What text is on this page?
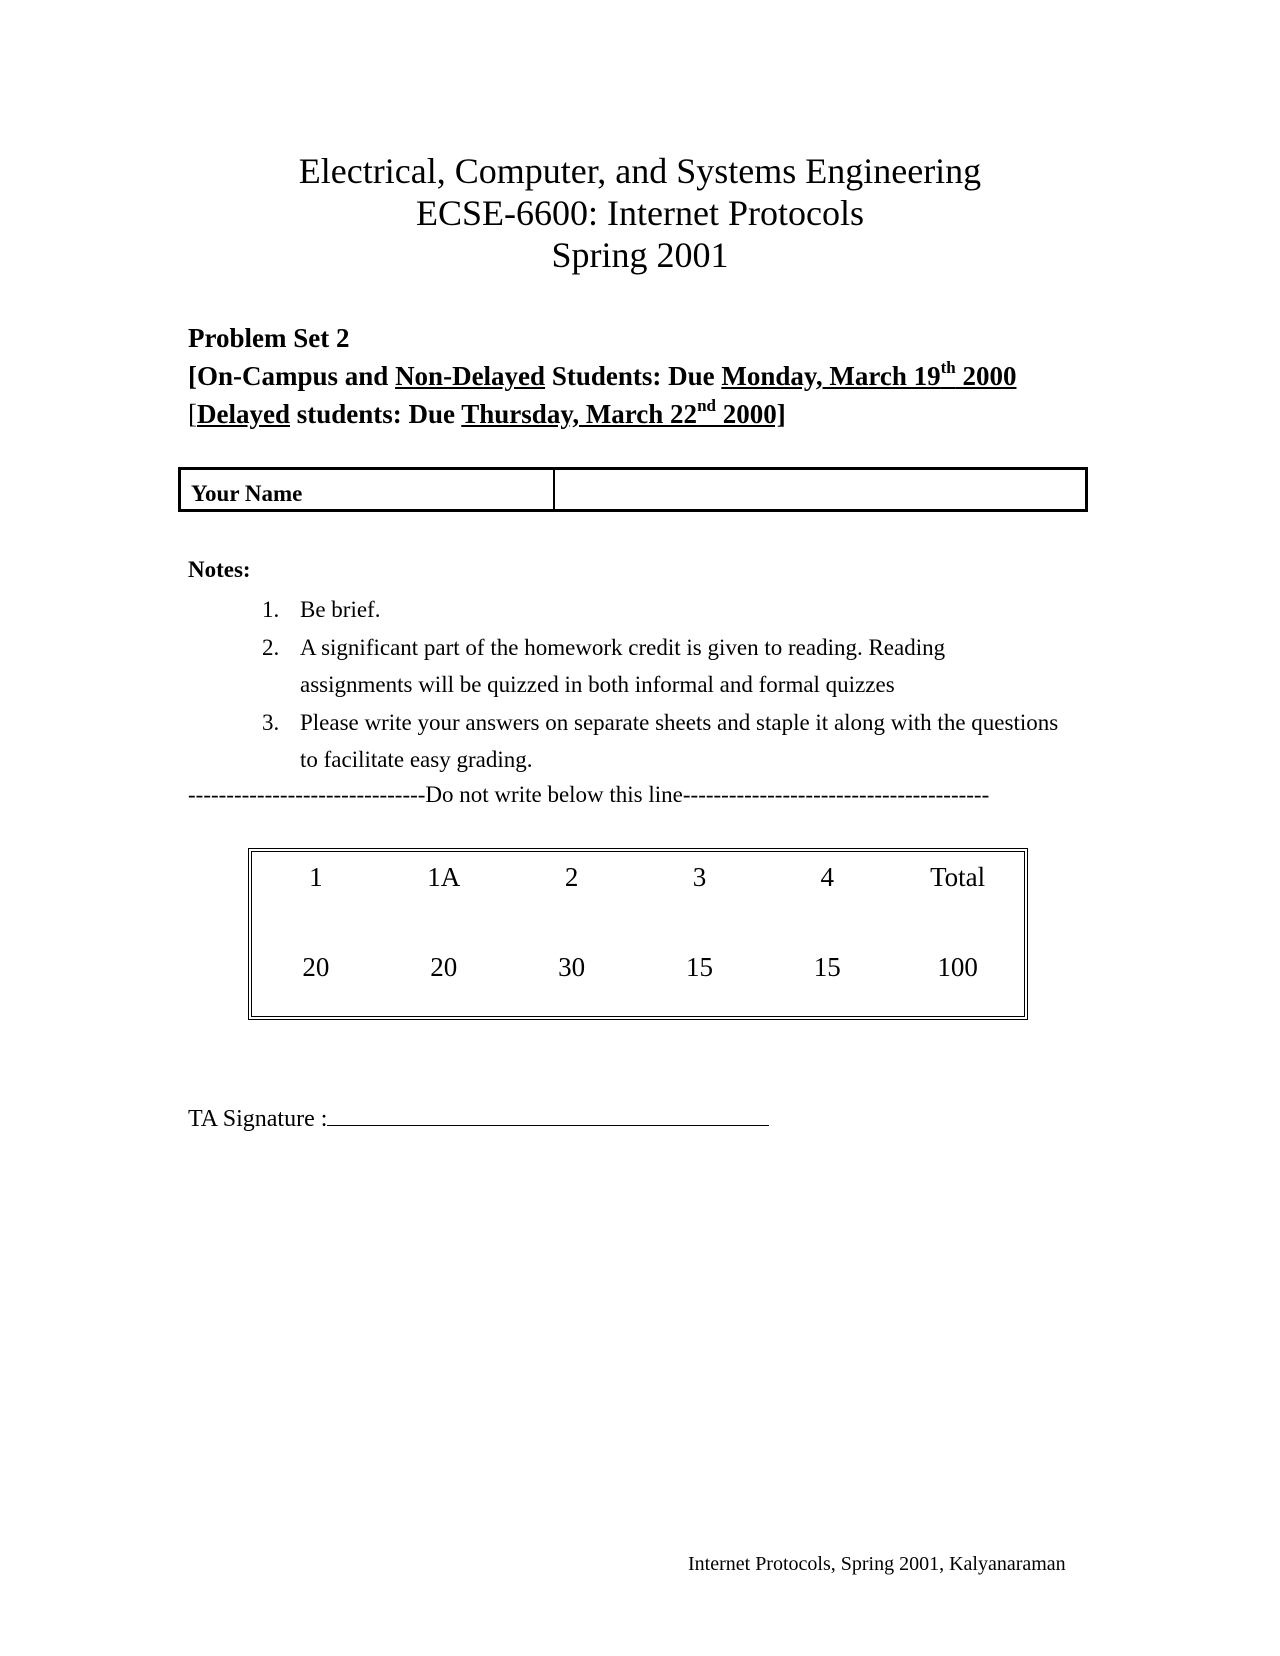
Electrical, Computer, and Systems Engineering
ECSE-6600: Internet Protocols
Spring 2001
Problem Set 2
[On-Campus and Non-Delayed Students: Due Monday, March 19th 2000
[Delayed students: Due Thursday, March 22nd 2000]
Your Name
Notes:
1. Be brief.
2. A significant part of the homework credit is given to reading. Reading assignments will be quizzed in both informal and formal quizzes
3. Please write your answers on separate sheets and staple it along with the questions to facilitate easy grading.
-------------------------------Do not write below this line----------------------------------------
1	1A	2	3	4	Total
20	20	30	15	15	100
TA Signature :
Internet Protocols, Spring 2001, Kalyanaraman
